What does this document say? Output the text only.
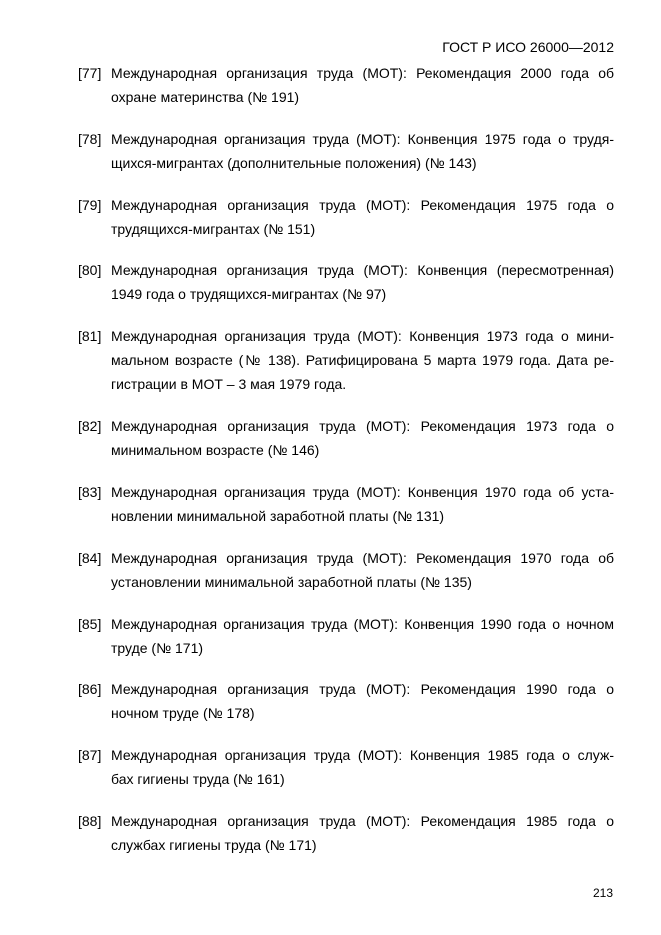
ГОСТ Р ИСО 26000—2012
[77] Международная организация труда (МОТ): Рекомендация 2000 года об
охране материнства (№ 191)

[78] Международная организация труда (МОТ): Конвенция 1975 года о трудя-
щихся-мигрантах (дополнительные положения) (№ 143)

[79] Международная организация труда (МОТ): Рекомендация 1975 года о
трудящихся-мигрантах (№ 151)

[80] Международная организация труда (МОТ): Конвенция (пересмотренная)
1949 года о трудящихся-мигрантах (№ 97)

[81] Международная организация труда (МОТ): Конвенция 1973 года о мини-
мальном возрасте (№ 138). Ратифицирована 5 марта 1979 года. Дата ре-
гистрации в МОТ – 3 мая 1979 года.

[82] Международная организация труда (МОТ): Рекомендация 1973 года о
минимальном возрасте (№ 146)

[83] Международная организация труда (МОТ): Конвенция 1970 года об уста-
новлении минимальной заработной платы (№ 131)

[84] Международная организация труда (МОТ): Рекомендация 1970 года об
установлении минимальной заработной платы (№ 135)

[85] Международная организация труда (МОТ): Конвенция 1990 года о ночном
труде (№ 171)

[86] Международная организация труда (МОТ): Рекомендация 1990 года о
ночном труде (№ 178)

[87] Международная организация труда (МОТ): Конвенция 1985 года о служ-
бах гигиены труда (№ 161)

[88] Международная организация труда (МОТ): Рекомендация 1985 года о
службах гигиены труда (№ 171)

213
